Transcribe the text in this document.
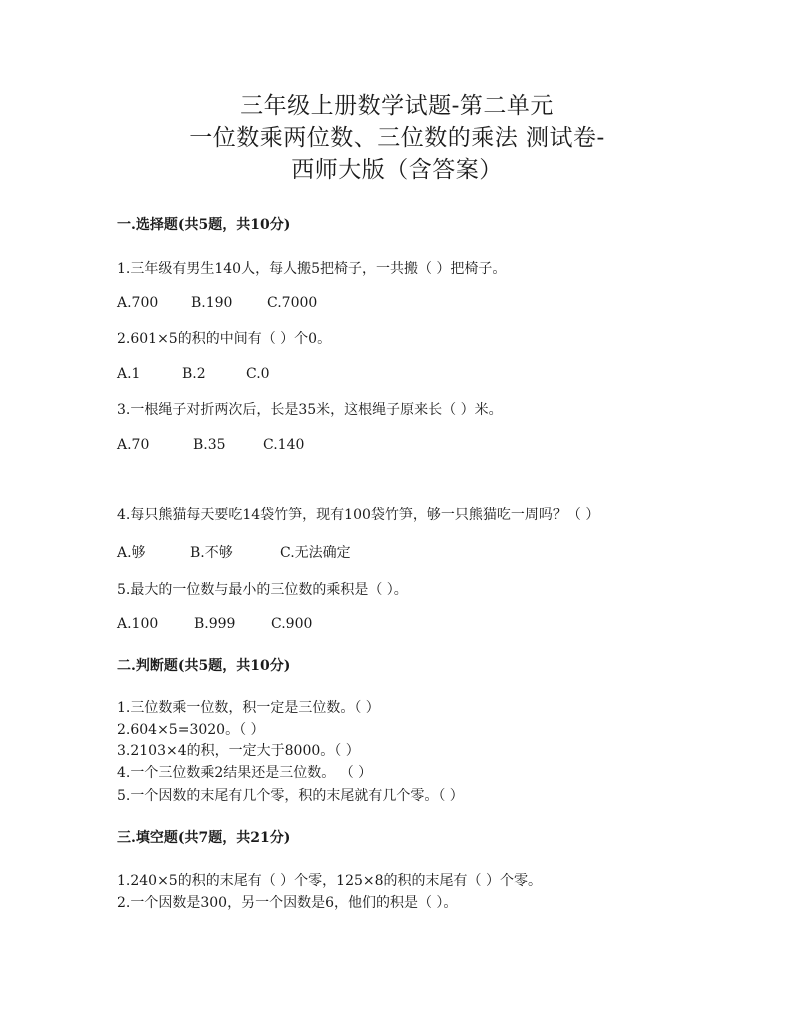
三年级上册数学试题-第二单元
一位数乘两位数、三位数的乘法 测试卷-
西师大版（含答案）
一.选择题(共5题，共10分)
1.三年级有男生140人，每人搬5把椅子，一共搬（ ）把椅子。
A.700 B.190 C.7000
2.601×5的积的中间有（ ）个0。
A.1	B.2	C.0
3.一根绳子对折两次后，长是35米，这根绳子原来长（ ）米。
A.70	B.35	C.140
4.每只熊猫每天要吃14袋竹笋，现有100袋竹笋，够一只熊猫吃一周吗？（ ）
A.够	B.不够	C.无法确定
5.最大的一位数与最小的三位数的乘积是（ ）。
A.100	B.999	C.900
二.判断题(共5题，共10分)
1.三位数乘一位数，积一定是三位数。（ ）
2.604×5=3020。（ ）
3.2103×4的积，一定大于8000。（ ）
4.一个三位数乘2结果还是三位数。 （ ）
5.一个因数的末尾有几个零，积的末尾就有几个零。（ ）
三.填空题(共7题，共21分)
1.240×5的积的末尾有（ ）个零，125×8的积的末尾有（ ）个零。
2.一个因数是300，另一个因数是6，他们的积是（ ）。
